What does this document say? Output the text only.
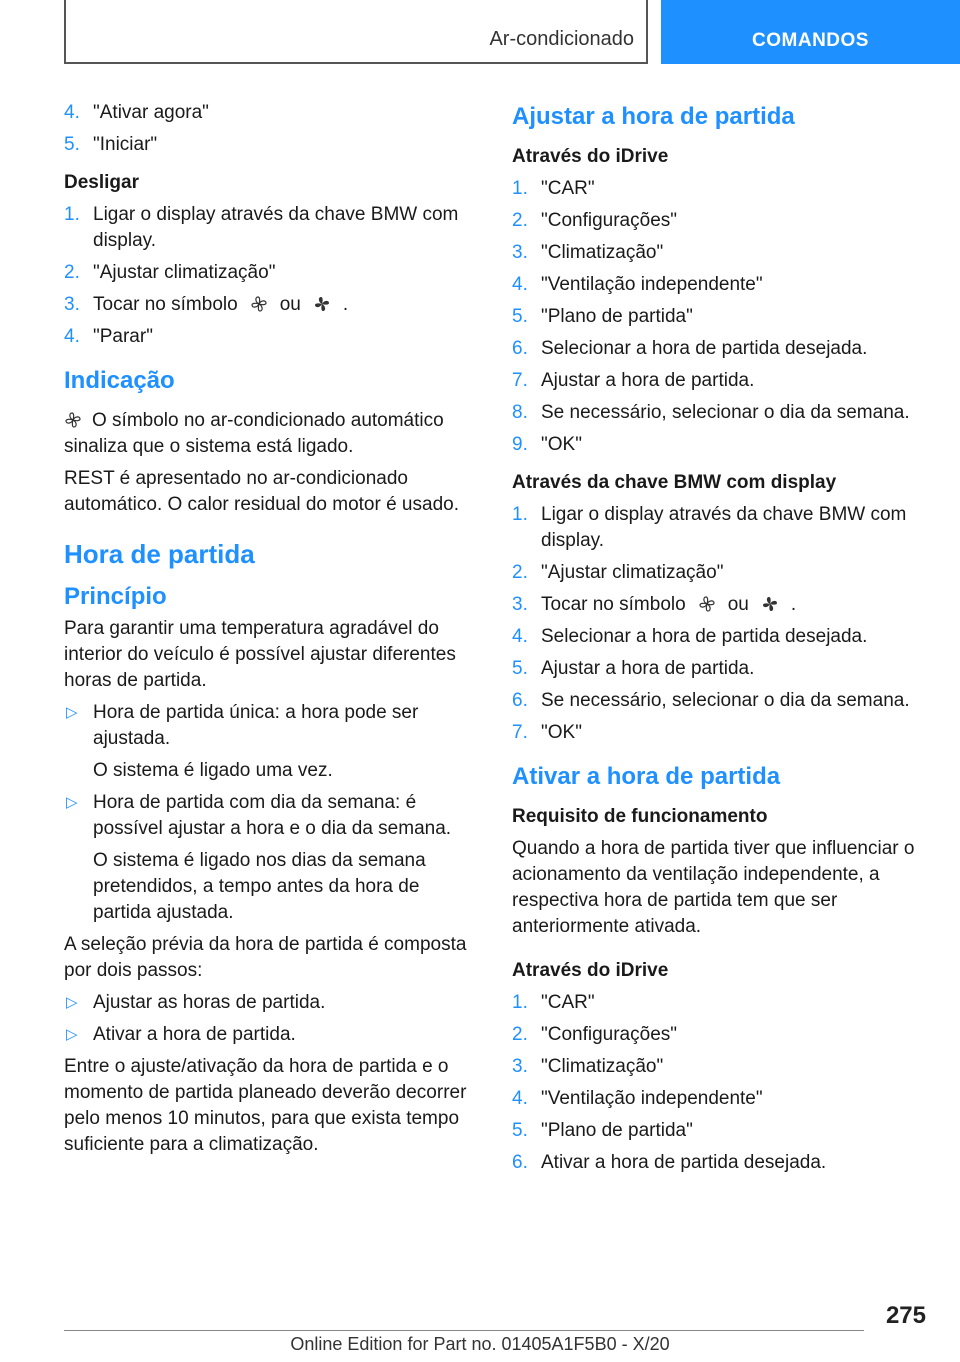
Ar-condicionado	COMANDOS
4. "Ativar agora"
5. "Iniciar"
Desligar
1. Ligar o display através da chave BMW com display.
2. "Ajustar climatização"
3. Tocar no símbolo ou .
4. "Parar"
Indicação
O símbolo no ar-condicionado automático sinaliza que o sistema está ligado.
REST é apresentado no ar-condicionado automático. O calor residual do motor é usado.
Hora de partida
Princípio
Para garantir uma temperatura agradável do interior do veículo é possível ajustar diferentes horas de partida.
▷ Hora de partida única: a hora pode ser ajustada.
O sistema é ligado uma vez.
▷ Hora de partida com dia da semana: é possível ajustar a hora e o dia da semana.
O sistema é ligado nos dias da semana pretendidos, a tempo antes da hora de partida ajustada.
A seleção prévia da hora de partida é composta por dois passos:
▷ Ajustar as horas de partida.
▷ Ativar a hora de partida.
Entre o ajuste/ativação da hora de partida e o momento de partida planeado deverão decorrer pelo menos 10 minutos, para que exista tempo suficiente para a climatização.
Ajustar a hora de partida
Através do iDrive
1. "CAR"
2. "Configurações"
3. "Climatização"
4. "Ventilação independente"
5. "Plano de partida"
6. Selecionar a hora de partida desejada.
7. Ajustar a hora de partida.
8. Se necessário, selecionar o dia da semana.
9. "OK"
Através da chave BMW com display
1. Ligar o display através da chave BMW com display.
2. "Ajustar climatização"
3. Tocar no símbolo ou .
4. Selecionar a hora de partida desejada.
5. Ajustar a hora de partida.
6. Se necessário, selecionar o dia da semana.
7. "OK"
Ativar a hora de partida
Requisito de funcionamento
Quando a hora de partida tiver que influenciar o acionamento da ventilação independente, a respectiva hora de partida tem que ser anteriormente ativada.
Através do iDrive
1. "CAR"
2. "Configurações"
3. "Climatização"
4. "Ventilação independente"
5. "Plano de partida"
6. Ativar a hora de partida desejada.
275
Online Edition for Part no. 01405A1F5B0 - X/20
